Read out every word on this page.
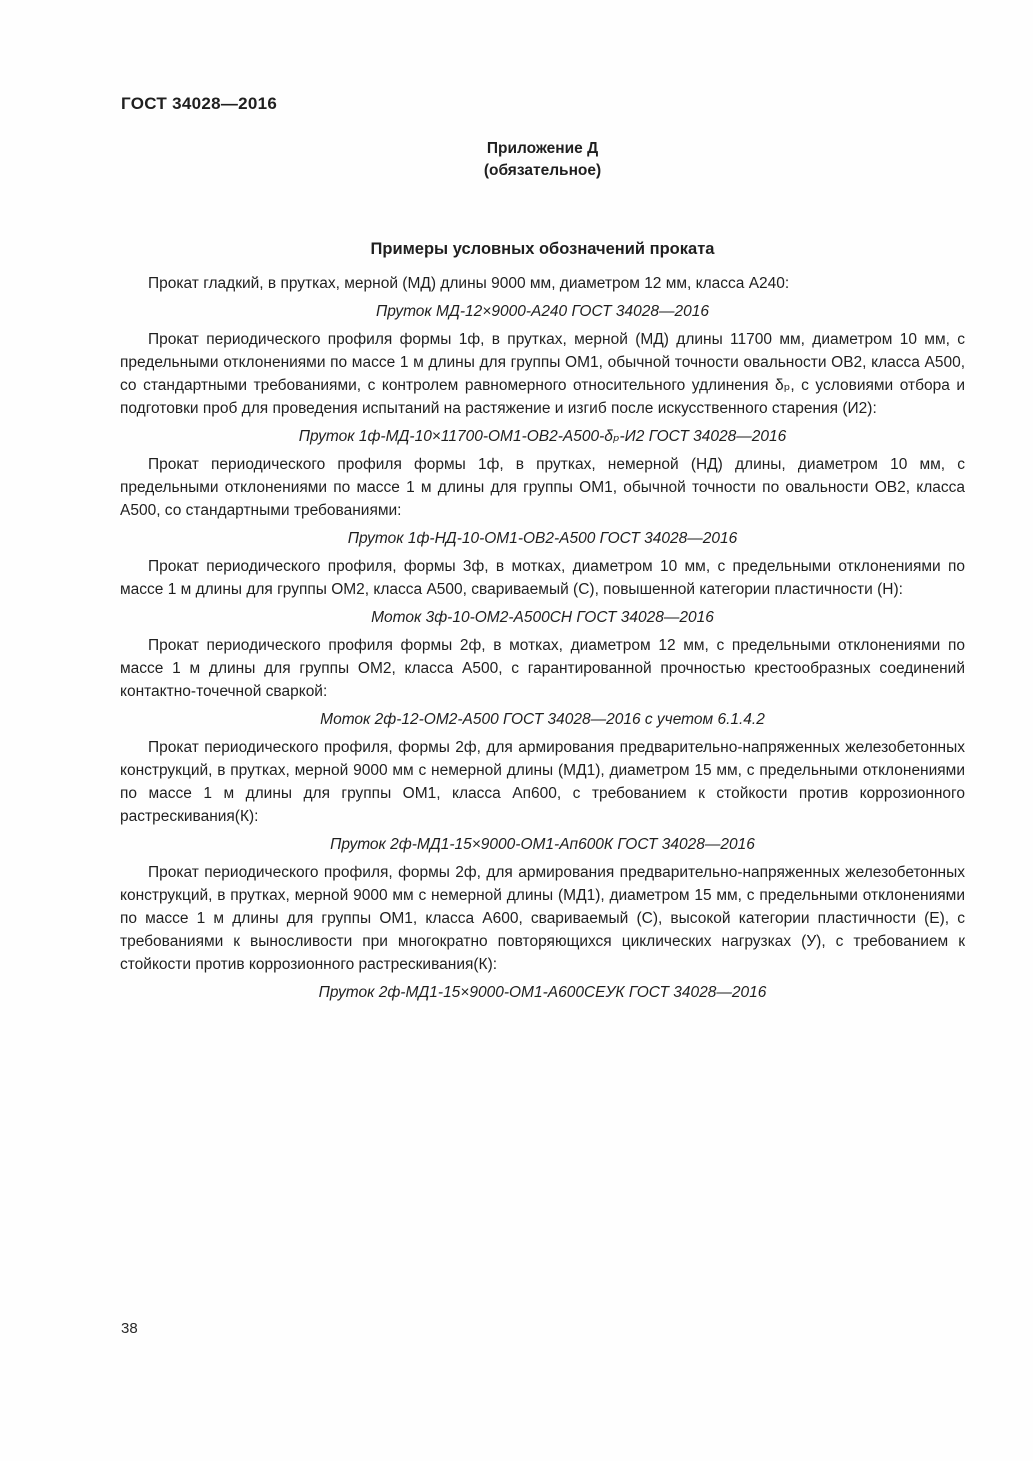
ГОСТ 34028—2016
Приложение Д
(обязательное)
Примеры условных обозначений проката

Прокат гладкий, в прутках, мерной (МД) длины 9000 мм, диаметром 12 мм, класса А240:

Пруток МД-12×9000-А240 ГОСТ 34028—2016

Прокат периодического профиля формы 1ф, в прутках, мерной (МД) длины 11700 мм, диаметром 10 мм, с предельными отклонениями по массе 1 м длины для группы ОМ1, обычной точности овальности ОВ2, класса А500, со стандартными требованиями, с контролем равномерного относительного удлинения δₚ, с условиями отбора и подготовки проб для проведения испытаний на растяжение и изгиб после искусственного старения (И2):

Пруток 1ф-МД-10×11700-ОМ1-ОВ2-А500-δₚ-И2 ГОСТ 34028—2016

Прокат периодического профиля формы 1ф, в прутках, немерной (НД) длины, диаметром 10 мм, с предельными отклонениями по массе 1 м длины для группы ОМ1, обычной точности по овальности ОВ2, класса А500, со стандартными требованиями:

Пруток 1ф-НД-10-ОМ1-ОВ2-А500 ГОСТ 34028—2016

Прокат периодического профиля, формы 3ф, в мотках, диаметром 10 мм, с предельными отклонениями по массе 1 м длины для группы ОМ2, класса А500, свариваемый (С), повышенной категории пластичности (Н):

Моток 3ф-10-ОМ2-А500СН ГОСТ 34028—2016

Прокат периодического профиля формы 2ф, в мотках, диаметром 12 мм, с предельными отклонениями по массе 1 м длины для группы ОМ2, класса А500, с гарантированной прочностью крестообразных соединений контактно-точечной сваркой:

Моток 2ф-12-ОМ2-А500 ГОСТ 34028—2016 с учетом 6.1.4.2

Прокат периодического профиля, формы 2ф, для армирования предварительно-напряженных железобетонных конструкций, в прутках, мерной 9000 мм с немерной длины (МД1), диаметром 15 мм, с предельными отклонениями по массе 1 м длины для группы ОМ1, класса Ап600, с требованием к стойкости против коррозионного растрескивания(К):

Пруток 2ф-МД1-15×9000-ОМ1-Ап600К ГОСТ 34028—2016

Прокат периодического профиля, формы 2ф, для армирования предварительно-напряженных железобетонных конструкций, в прутках, мерной 9000 мм с немерной длины (МД1), диаметром 15 мм, с предельными отклонениями по массе 1 м длины для группы ОМ1, класса А600, свариваемый (С), высокой категории пластичности (Е), с требованиями к выносливости при многократно повторяющихся циклических нагрузках (У), с требованием к стойкости против коррозионного растрескивания(К):

Пруток 2ф-МД1-15×9000-ОМ1-А600СЕУК ГОСТ 34028—2016

38
